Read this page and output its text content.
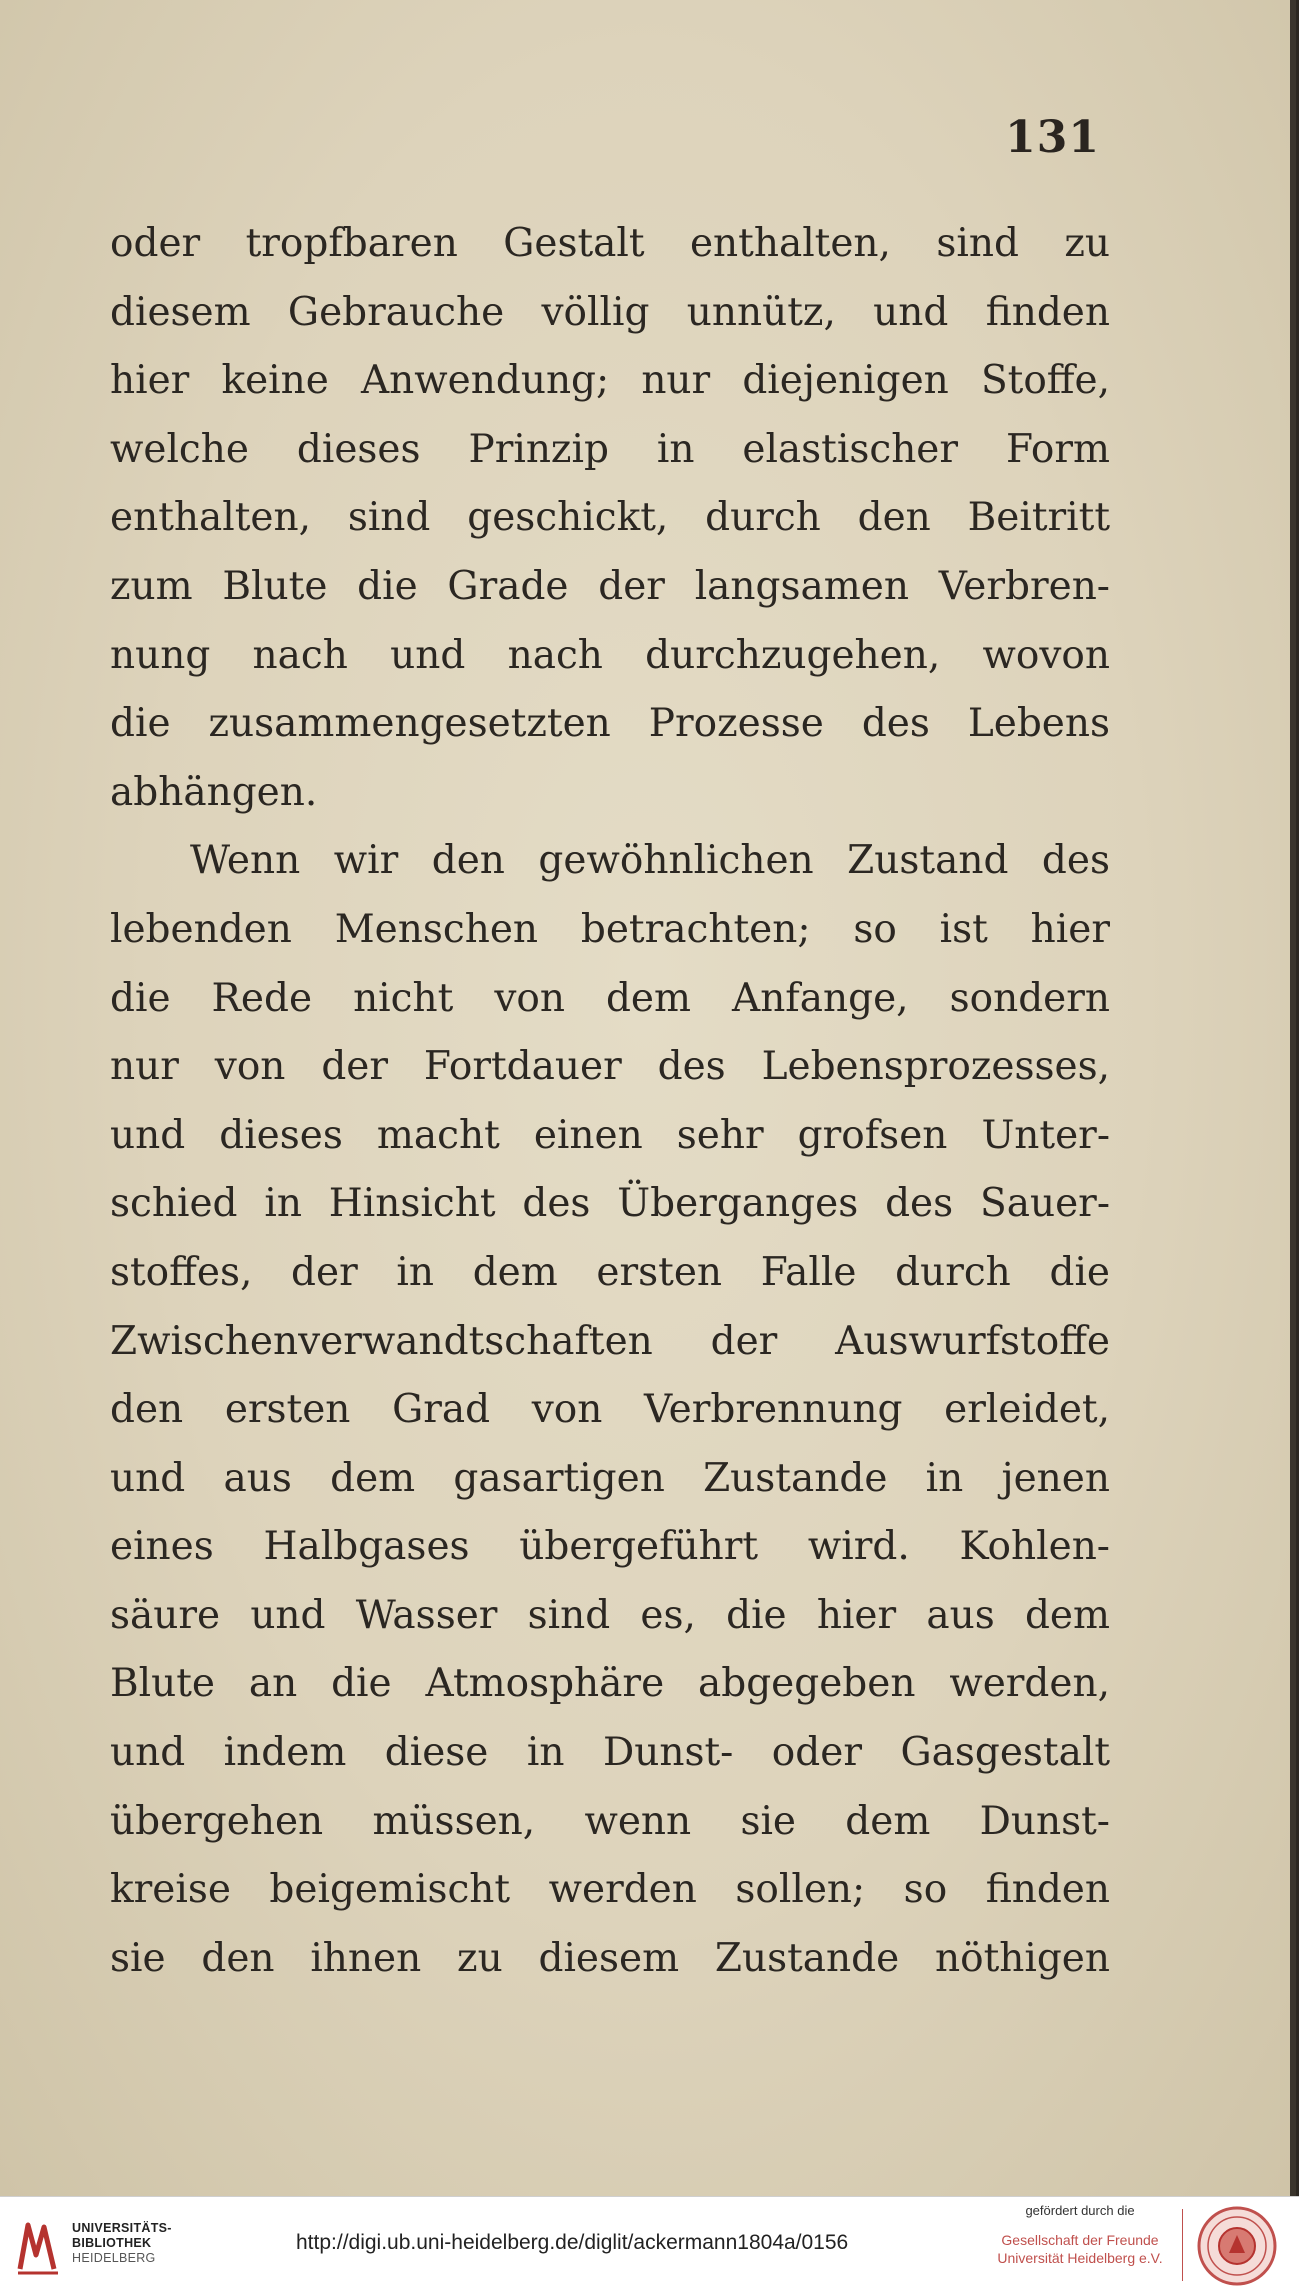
131
oder tropfbaren Gestalt enthalten, sind zu
diesem Gebrauche völlig unnütz, und finden
hier keine Anwendung; nur diejenigen Stoffe,
welche dieses Prinzip in elastischer Form
enthalten, sind geschickt, durch den Beitritt
zum Blute die Grade der langsamen Verbren-
nung nach und nach durchzugehen, wovon
die zusammengesetzten Prozesse des Lebens
abhängen.
Wenn wir den gewöhnlichen Zustand des
lebenden Menschen betrachten; so ist hier
die Rede nicht von dem Anfange, sondern
nur von der Fortdauer des Lebensprozesses,
und dieses macht einen sehr grofsen Unter-
schied in Hinsicht des Überganges des Sauer-
stoffes, der in dem ersten Falle durch die
Zwischenverwandtschaften der Auswurfstoffe
den ersten Grad von Verbrennung erleidet,
und aus dem gasartigen Zustande in jenen
eines Halbgases übergeführt wird. Kohlen-
säure und Wasser sind es, die hier aus dem
Blute an die Atmosphäre abgegeben werden,
und indem diese in Dunst- oder Gasgestalt
übergehen müssen, wenn sie dem Dunst-
kreise beigemischt werden sollen; so finden
sie den ihnen zu diesem Zustande nöthigen
UNIVERSITÄTS-
BIBLIOTHEK
HEIDELBERG
http://digi.ub.uni-heidelberg.de/diglit/ackermann1804a/0156
gefördert durch die
Gesellschaft der Freunde
Universität Heidelberg e.V.
